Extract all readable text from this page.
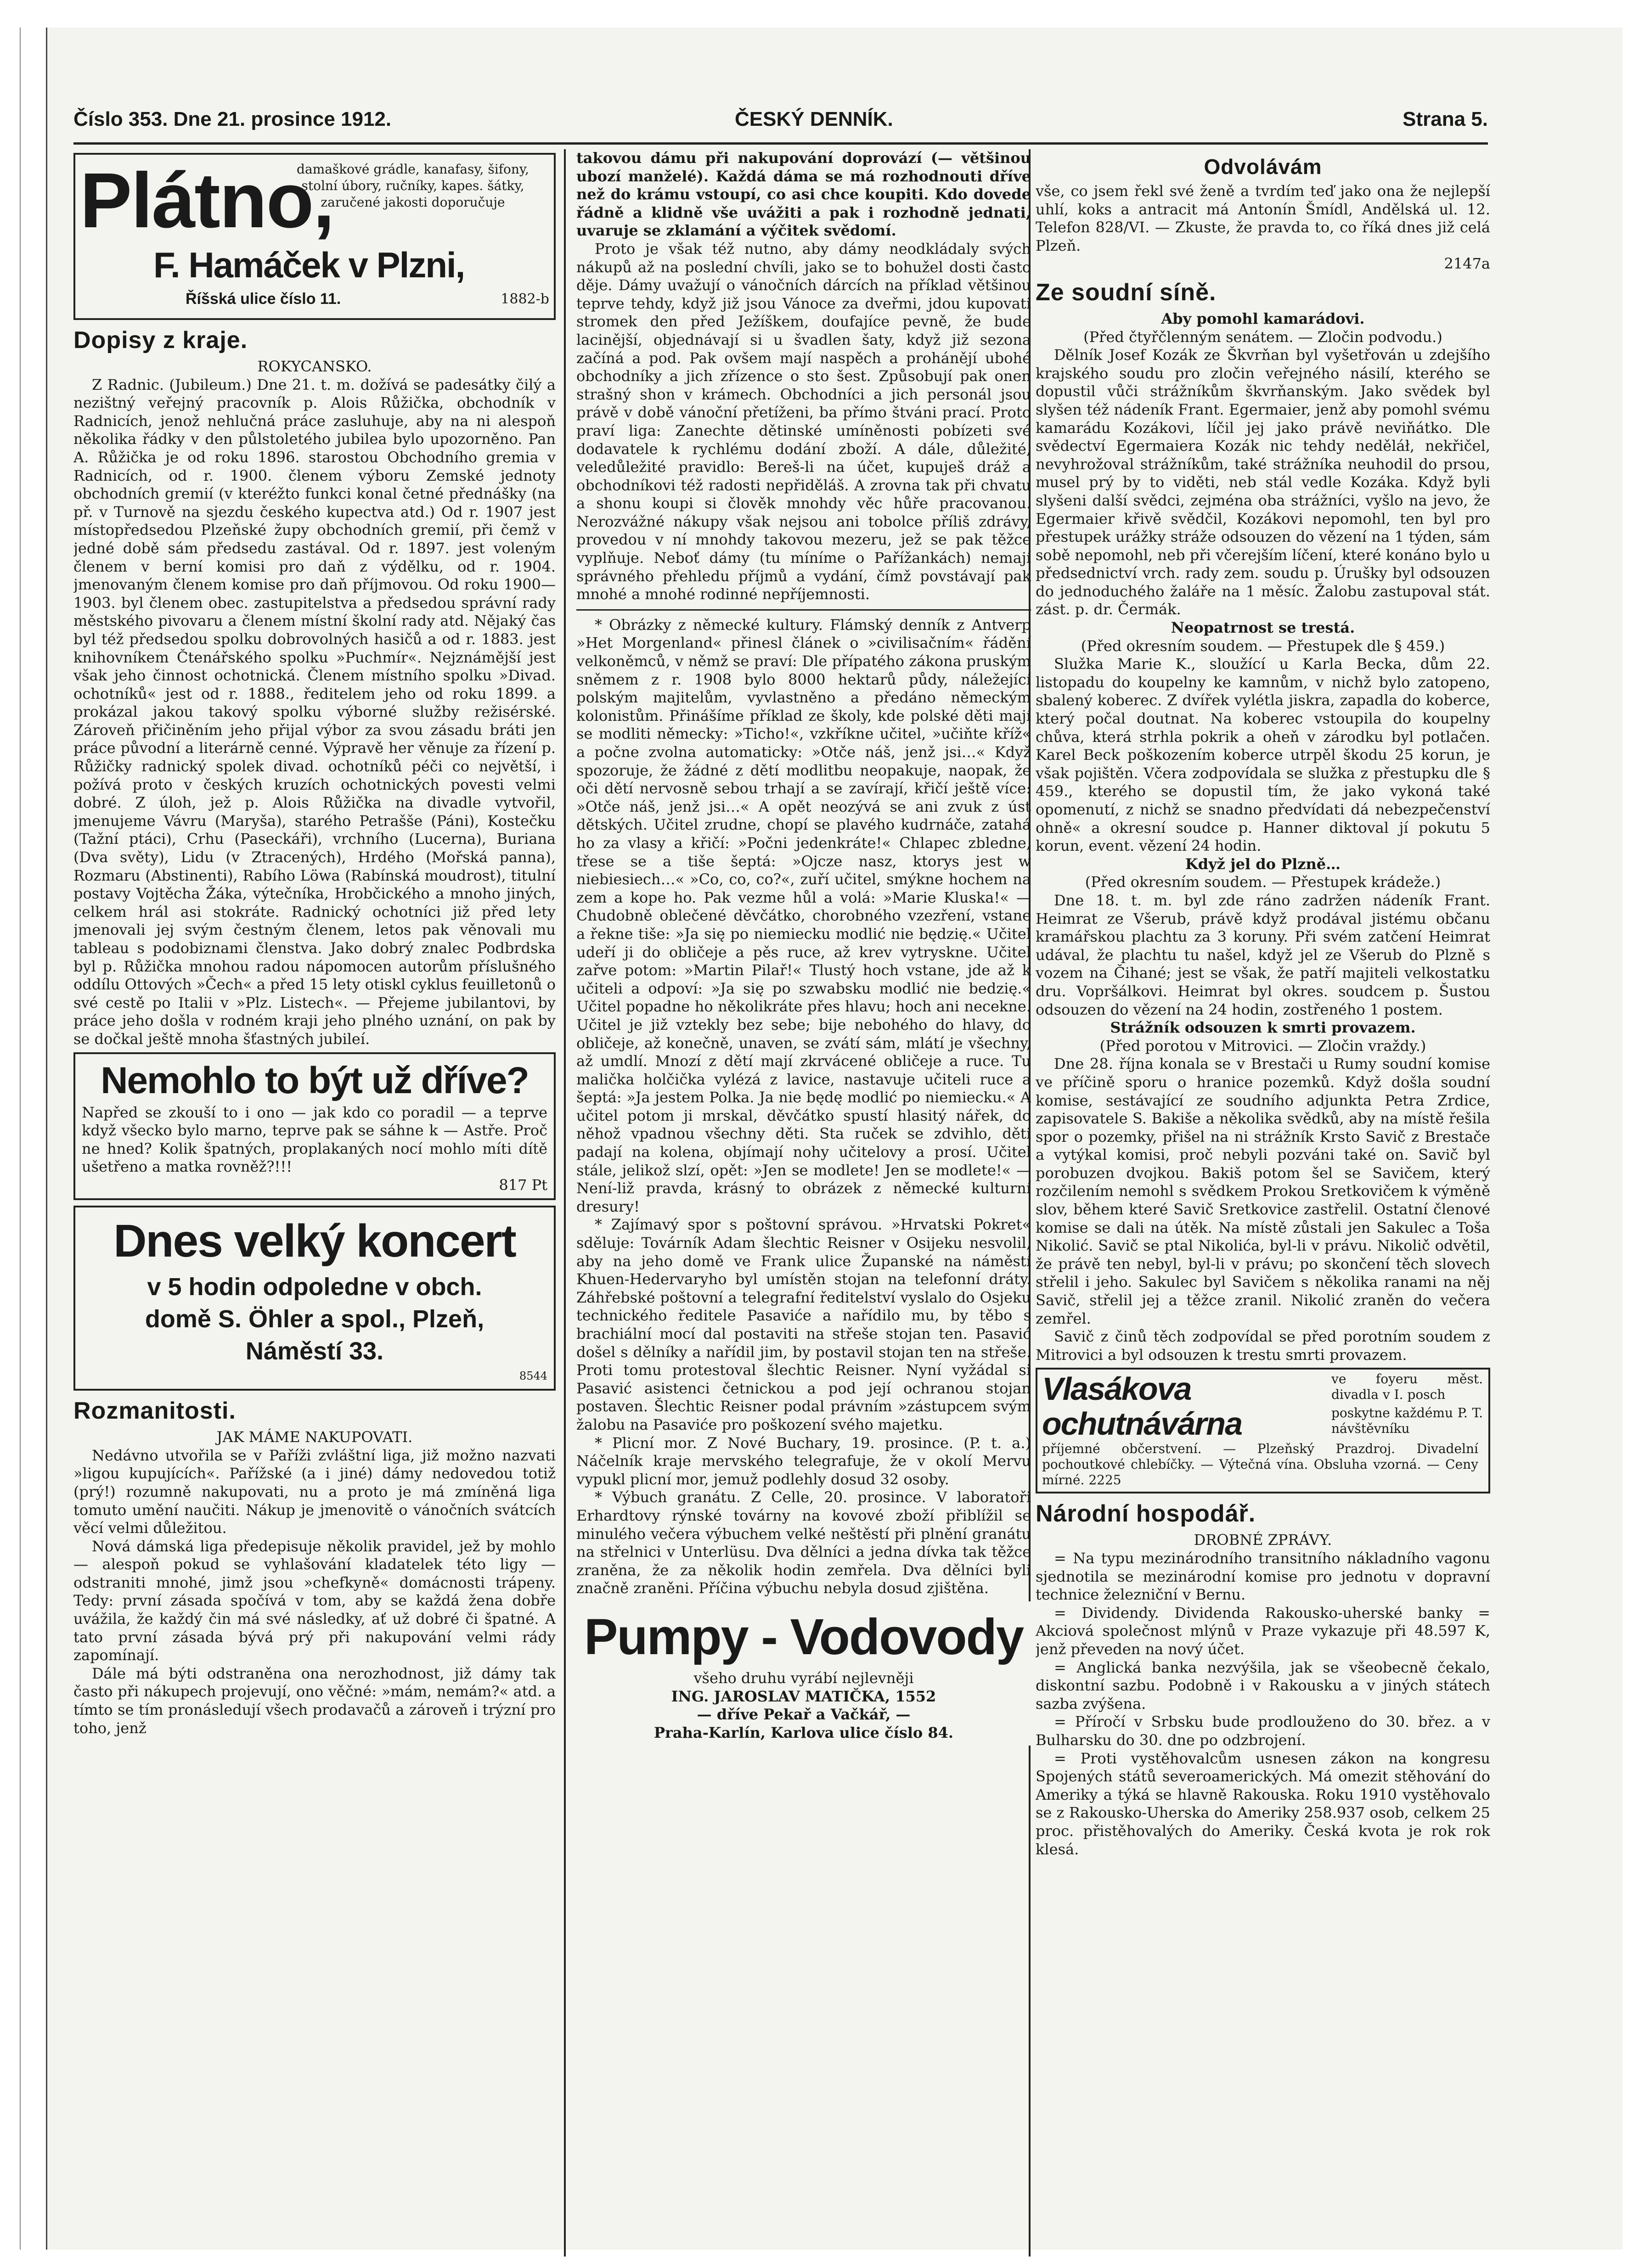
Číslo 353. Dne 21. prosince 1912.	ČESKÝ DENNÍK.	Strana 5.
Plátno,
damaškové grádle, kanafasy, šifony, stolní úbory, ručníky, kapes. šátky, zaručené jakosti doporučuje
F. Hamáček v Plzni,
Říšská ulice číslo 11.	1882-b
Dopisy z kraje.

ROKYCANSKO.

Z Radnic. (Jubileum.) Dne 21. t. m. dožívá se padesátky čilý a nezištný veřejný pracovník p. Alois Růžička, obchodník v Radnicích, jenož nehlučná práce zasluhuje, aby na ni alespoň několika řádky v den půlstoletého jubilea bylo upozorněno. Pan A. Růžička je od roku 1896. starostou Obchodního gremia v Radnicích, od r. 1900. členem výboru Zemské jednoty obchodních gremií (v kteréžto funkci konal četné přednášky (na př. v Turnově na sjezdu českého kupectva atd.) Od r. 1907 jest místopředsedou Plzeňské župy obchodních gremií, při čemž v jedné době sám předsedu zastával. Od r. 1897. jest voleným členem v berní komisi pro daň z výdělku, od r. 1904. jmenovaným členem komise pro daň příjmovou. Od roku 1900—1903. byl členem obec. zastupitelstva a předsedou správní rady městského pivovaru a členem místní školní rady atd. Nějaký čas byl též předsedou spolku dobrovolných hasičů a od r. 1883. jest knihovníkem Čtenářského spolku »Puchmír«. Nejznámější jest však jeho činnost ochotnická. Členem místního spolku »Divad. ochotníků« jest od r. 1888., ředitelem jeho od roku 1899. a prokázal jakou takový spolku výborné služby režisérské. Zároveň přičiněním jeho přijal výbor za svou zásadu bráti jen práce původní a literárně cenné. Výpravě her věnuje za řízení p. Růžičky radnický spolek divad. ochotníků péči co největší, i požívá proto v českých kruzích ochotnických povesti velmi dobré. Z úloh, jež p. Alois Růžička na divadle vytvořil, jmenujeme Vávru (Maryša), starého Petrašše (Páni), Kostečku (Tažní ptáci), Crhu (Paseckáři), vrchního (Lucerna), Buriana (Dva světy), Lidu (v Ztracených), Hrdého (Mořská panna), Rozmaru (Abstinenti), Rabího Löwa (Rabínská moudrost), titulní postavy Vojtěcha Žáka, výtečníka, Hrobčického a mnoho jiných, celkem hrál asi stokráte. Radnický ochotníci již před lety jmenovali jej svým čestným členem, letos pak věnovali mu tableau s podobiznami členstva. Jako dobrý znalec Podbrdska byl p. Růžička mnohou radou nápomocen autorům příslušného oddílu Ottových »Čech« a před 15 lety otiskl cyklus feuilletonů o své cestě po Italii v »Plz. Listech«. — Přejeme jubilantovi, by práce jeho došla v rodném kraji jeho plného uznání, on pak by se dočkal ještě mnoha šťastných jubileí.

Nemohlo to být už dříve?

Napřed se zkouší to i ono — jak kdo co poradil — a teprve když všecko bylo marno, teprve pak se sáhne k — Astře. Proč ne hned? Kolik špatných, proplakaných nocí mohlo míti dítě ušetřeno a matka rovněž?!!!

817 Pt

Dnes velký koncert
v 5 hodin odpoledne v obch.
domě S. Öhler a spol., Plzeň,
Náměstí 33.
8544
Rozmanitosti.

JAK MÁME NAKUPOVATI.

Nedávno utvořila se v Paříži zvláštní liga, již možno nazvati »ligou kupujících«. Pařížské (a i jiné) dámy nedovedou totiž (prý!) rozumně nakupovati, nu a proto je má zmíněná liga tomuto umění naučiti. Nákup je jmenovitě o vánočních svátcích věcí velmi důležitou.

Nová dámská liga předepisuje několik pravidel, jež by mohlo — alespoň pokud se vyhlašování kladatelek této ligy — odstraniti mnohé, jimž jsou »chefkyně« domácnosti trápeny. Tedy: první zásada spočívá v tom, aby se každá žena dobře uvážila, že každý čin má své následky, ať už dobré či špatné. A tato první zásada bývá prý při nakupování velmi rády zapomínají.

Dále má býti odstraněna ona nerozhodnost, již dámy tak často při nákupech projevují, ono věčné: »mám, nemám?« atd. a tímto se tím pronásledují všech prodavačů a zároveň i trýzní pro toho, jenž

takovou dámu při nakupování doprovází (— většinou ubozí manželé). Každá dáma se má rozhodnouti dříve než do krámu vstoupí, co asi chce koupiti. Kdo dovede řádně a klidně vše uvážiti a pak i rozhodně jednati, uvaruje se zklamání a výčitek svědomí.

Proto je však též nutno, aby dámy neodkládaly svých nákupů až na poslední chvíli, jako se to bohužel dosti často děje. Dámy uvažují o vánočních dárcích na příklad většinou teprve tehdy, když již jsou Vánoce za dveřmi, jdou kupovati stromek den před Ježíškem, doufajíce pevně, že bude lacinější, objednávají si u švadlen šaty, když již sezona začíná a pod. Pak ovšem mají naspěch a prohánějí ubohé obchodníky a jich zřízence o sto šest. Způsobují pak onen strašný shon v krámech. Obchodníci a jich personál jsou právě v době vánoční přetíženi, ba přímo štváni prací. Proto praví liga: Zanechte dětinské umíněnosti pobízeti své dodavatele k rychlému dodání zboží. A dále, důležité, veledůležité pravidlo: Bereš-li na účet, kupuješ dráž a obchodníkovi též radosti nepřiděláš. A zrovna tak při chvatu a shonu koupi si člověk mnohdy věc hůře pracovanou. Nerozvážné nákupy však nejsou ani tobolce příliš zdrávy, provedou v ní mnohdy takovou mezeru, jež se pak těžce vyplňuje. Neboť dámy (tu míníme o Pařížankách) nemají správného přehledu příjmů a vydání, čímž povstávají pak mnohé a mnohé rodinné nepříjemnosti.

* Obrázky z německé kultury. Flámský denník z Antverp »Het Morgenland« přinesl článek o »civilisačním« řádění velkoněmců, v němž se praví: Dle přípatého zákona pruským sněmem z r. 1908 bylo 8000 hektarů půdy, náležející polským majitelům, vyvlastněno a předáno německým kolonistům. Přinášíme příklad ze školy, kde polské děti mají se modliti německy: »Ticho!«, vzkříkne učitel, »učiňte kříž« a počne zvolna automaticky: »Otče náš, jenž jsi…« Když spozoruje, že žádné z dětí modlitbu neopakuje, naopak, že oči dětí nervosně sebou trhají a se zavírají, křičí ještě více: »Otče náš, jenž jsi…« A opět neozývá se ani zvuk z úst dětských. Učitel zrudne, chopí se plavého kudrnáče, zatahá ho za vlasy a křičí: »Počni jedenkráte!« Chlapec zbledne, třese se a tiše šeptá: »Ojcze nasz, ktorys jest w niebiesiech…« »Co, co, co?«, zuří učitel, smýkne hochem na zem a kope ho. Pak vezme hůl a volá: »Marie Kluska!« — Chudobně oblečené děvčátko, chorobného vzezření, vstane a řekne tiše: »Ja się po niemiecku modlić nie będzię.« Učitel udeří ji do obličeje a pěs ruce, až krev vytryskne. Učitel zařve potom: »Martin Pilař!« Tlustý hoch vstane, jde až k učiteli a odpoví: »Ja się po szwabsku modlić nie bedzię.« Učitel popadne ho několikráte přes hlavu; hoch ani neceknе. Učitel je již vztekly bez sebe; bije nebohého do hlavy, do obličeje, až konečně, unaven, se zvátí sám, mlátí je všechny, až umdlí. Mnozí z dětí mají zkrvácené obličeje a ruce. Tu malička holčička vylézá z lavice, nastavuje učiteli ruce a šeptá: »Ja jestem Polka. Ja nie będę modlić po niemiecku.« A učitel potom ji mrskal, děvčátko spustí hlasitý nářek, do něhož vpadnou všechny děti. Sta ruček se zdvihlo, děti padají na kolena, objímají nohy učitelovy a prosí. Učitel stále, jelikož slzí, opět: »Jen se modlete! Jen se modlete!« — Není-liž pravda, krásný to obrázek z německé kulturní dresury!

* Zajímavý spor s poštovní správou. »Hrvatski Pokret« sděluje: Továrník Adam šlechtic Reisner v Osijeku nesvolil, aby na jeho domě ve Frank ulice Županské na náměstí Khuen-Hedervaryho byl umístěn stojan na telefonní dráty. Záhřebské poštovní a telegrafní ředitelství vyslalo do Osjeku technického ředitele Pasaviće a nařídilo mu, by těbo s brachiální mocí dal postaviti na střeše stojan ten. Pasavić došel s dělníky a nařídil jim, by postavil stojan ten na střeše. Proti tomu protestoval šlechtic Reisner. Nyní vyžádal si Pasavić asistenci četnickou a pod její ochranou stojan postaven. Šlechtic Reisner podal právním »zástupcem svým žalobu na Pasaviće pro poškození svého majetku.

* Plicní mor. Z Nové Buchary, 19. prosince. (P. t. a.) Náčelník kraje mervského telegrafuje, že v okolí Mervu vypukl plicní mor, jemuž podlehly dosud 32 osoby.

* Výbuch granátu. Z Celle, 20. prosince. V laboratoři Erhardtovy rýnské továrny na kovové zboží přiblížil se minulého večera výbuchem velké neštěstí při plnění granátu na střelnici v Unterlüsu. Dva dělníci a jedna dívka tak těžce zraněna, že za několik hodin zemřela. Dva dělníci byli značně zraněni. Příčina výbuchu nebyla dosud zjištěna.

Pumpy - Vodovody

všeho druhu vyrábí nejlevněji

ING. JAROSLAV MATIČKA, 1552

— dříve Pekař a Vačkář, —

Praha-Karlín, Karlova ulice číslo 84.

Odvolávám

vše, co jsem řekl své ženě a tvrdím teď jako ona že nejlepší uhlí, koks a antracit má Antonín Šmídl, Andělská ul. 12. Telefon 828/VI. — Zkuste, že pravda to, co říká dnes již celá Plzeň.

2147a

Ze soudní síně.

Aby pomohl kamarádovi.

(Před čtyřčlenným senátem. — Zločin podvodu.)

Dělník Josef Kozák ze Škvrňan byl vyšetřován u zdejšího krajského soudu pro zločin veřejného násilí, kterého se dopustil vůči strážníkům škvrňanským. Jako svědek byl slyšen též nádeník Frant. Egermaier, jenž aby pomohl svému kamarádu Kozákovi, líčil jej jako právě neviňátko. Dle svědectví Egermaiera Kozák nic tehdy neděláł, nekřičel, nevyhrožoval strážníkům, také strážníka neuhodil do prsou, musel prý by to viděti, neb stál vedle Kozáka. Když byli slyšeni další svědci, zejména oba strážníci, vyšlo na jevo, že Egermaier křivě svědčil, Kozákovi nepomohl, ten byl pro přestupek urážky stráže odsouzen do vězení na 1 týden, sám sobě nepomohl, neb při včerejším líčení, které konáno bylo u předsednictví vrch. rady zem. soudu p. Úrušky byl odsouzen do jednoduchého žaláře na 1 měsíc. Žalobu zastupoval stát. zást. p. dr. Čermák.

Neopatrnost se trestá.

(Před okresním soudem. — Přestupek dle § 459.)

Služka Marie K., sloužící u Karla Becka, dům 22. listopadu do koupelny ke kamnům, v nichž bylo zatopeno, sbalený koberec. Z dvířek vylétla jiskra, zapadla do koberce, který počal doutnat. Na koberec vstoupila do koupelny chůva, která strhla pokrik a oheň v zárodku byl potlačen. Karel Beck poškozením koberce utrpěl škodu 25 korun, je však pojištěn. Včera zodpovídala se služka z přestupku dle § 459., kterého se dopustil tím, že jako vykoná také opomenutí, z nichž se snadno předvídati dá nebezpečenství ohně« a okresní soudce p. Hanner diktoval jí pokutu 5 korun, event. vězení 24 hodin.

Když jel do Plzně…

(Před okresním soudem. — Přestupek krádeže.)

Dne 18. t. m. byl zde ráno zadržen nádeník Frant. Heimrat ze Všerub, právě když prodával jistému občanu kramářskou plachtu za 3 koruny. Při svém zatčení Heimrat udával, že plachtu tu našel, když jel ze Všerub do Plzně s vozem na Čihané; jest se však, že patří majiteli velkostatku dru. Vopršálkovi. Heimrat byl okres. soudcem p. Šustou odsouzen do vězení na 24 hodin, zostřeného 1 postem.

Strážník odsouzen k smrti provazem.

(Před porotou v Mitrovici. — Zločin vraždy.)

Dne 28. října konala se v Brestači u Rumy soudní komise ve příčině sporu o hranice pozemků. Když došla soudní komise, sestávající ze soudního adjunkta Petra Zrdice, zapisovatele S. Bakiše a několika svědků, aby na místě řešila spor o pozemky, přišel na ni strážník Krsto Savič z Brestače a vytýkal komisi, proč nebyli pozváni také on. Savič byl porobuzen dvojkou. Bakiš potom šel se Savičem, který rozčilením nemohl s svědkem Prokou Sretkovičem k výměně slov, během které Savič Sretkovice zastřelil. Ostatní členové komise se dali na útěk. Na místě zůstali jen Sakulec a Toša Nikolić. Savič se ptal Nikolića, byl-li v právu. Nikolič odvětil, že právě ten nebyl, byl-li v právu; po skončení těch slovech střelil i jeho. Sakulec byl Savičem s několika ranami na něj Savič, střelil jej a těžce zranil. Nikolić zraněn do večera zemřel.

Savič z činů těch zodpovídal se před porotním soudem z Mitrovici a byl odsouzen k trestu smrti provazem.

Vlasákova
ochutnávárna
ve foyeru měst. divadla v I. posch
poskytne každému P. T. návštěvníku
příjemné občerstvení. — Plzeňský Prazdroj. Divadelní pochoutkové chlebíčky. — Výtečná vína. Obsluha vzorná. — Ceny mírné. 2225
Národní hospodář.

DROBNÉ ZPRÁVY.

= Na typu mezinárodního transitního nákladního vagonu sjednotila se mezinárodní komise pro jednotu v dopravní technice železniční v Bernu.

= Dividendy. Dividenda Rakousko-uherské banky = Akciová společnost mlýnů v Praze vykazuje při 48.597 K, jenž převeden na nový účet.

= Anglická banka nezvýšila, jak se všeobecně čekalo, diskontní sazbu. Podobně i v Rakousku a v jiných státech sazba zvýšena.

= Příročí v Srbsku bude prodlouženo do 30. břez. a v Bulharsku do 30. dne po odzbrojení.

= Proti vystěhovalcům usnesen zákon na kongresu Spojených států severoamerických. Má omezit stěhování do Ameriky a týká se hlavně Rakouska. Roku 1910 vystěhovalo se z Rakousko-Uherska do Ameriky 258.937 osob, celkem 25 proc. přistěhovalých do Ameriky. Česká kvota je rok rok klesá.
